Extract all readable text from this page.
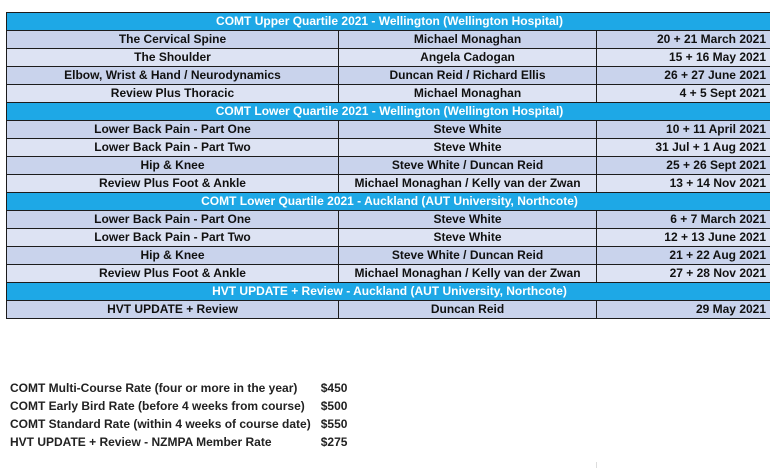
COMT Upper Quartile 2021 - Wellington (Wellington Hospital)		
The Cervical Spine	Michael Monaghan	20 + 21 March 2021
The Shoulder	Angela Cadogan	15 + 16 May 2021
Elbow, Wrist & Hand / Neurodynamics	Duncan Reid / Richard Ellis	26 + 27 June 2021
Review Plus Thoracic	Michael Monaghan	4 + 5 Sept 2021
COMT Lower Quartile 2021 - Wellington (Wellington Hospital)		
Lower Back Pain - Part One	Steve White	10 + 11 April 2021
Lower Back Pain - Part Two	Steve White	31 Jul + 1 Aug 2021
Hip & Knee	Steve White / Duncan Reid	25 + 26 Sept 2021
Review Plus Foot & Ankle	Michael Monaghan / Kelly van der Zwan	13 + 14 Nov 2021
COMT Lower Quartile 2021 - Auckland (AUT University, Northcote)		
Lower Back Pain - Part One	Steve White	6 + 7 March 2021
Lower Back Pain - Part Two	Steve White	12 + 13 June 2021
Hip & Knee	Steve White / Duncan Reid	21 + 22 Aug 2021
Review Plus Foot & Ankle	Michael Monaghan / Kelly van der Zwan	27 + 28 Nov 2021
HVT UPDATE + Review - Auckland (AUT University, Northcote)		
HVT UPDATE + Review	Duncan Reid	29 May 2021
COMT Multi-Course Rate (four or more in the year)	$450
COMT Early Bird Rate (before 4 weeks from course)	$500
COMT Standard Rate (within 4 weeks of course date)	$550
HVT UPDATE + Review - NZMPA Member Rate	$275
